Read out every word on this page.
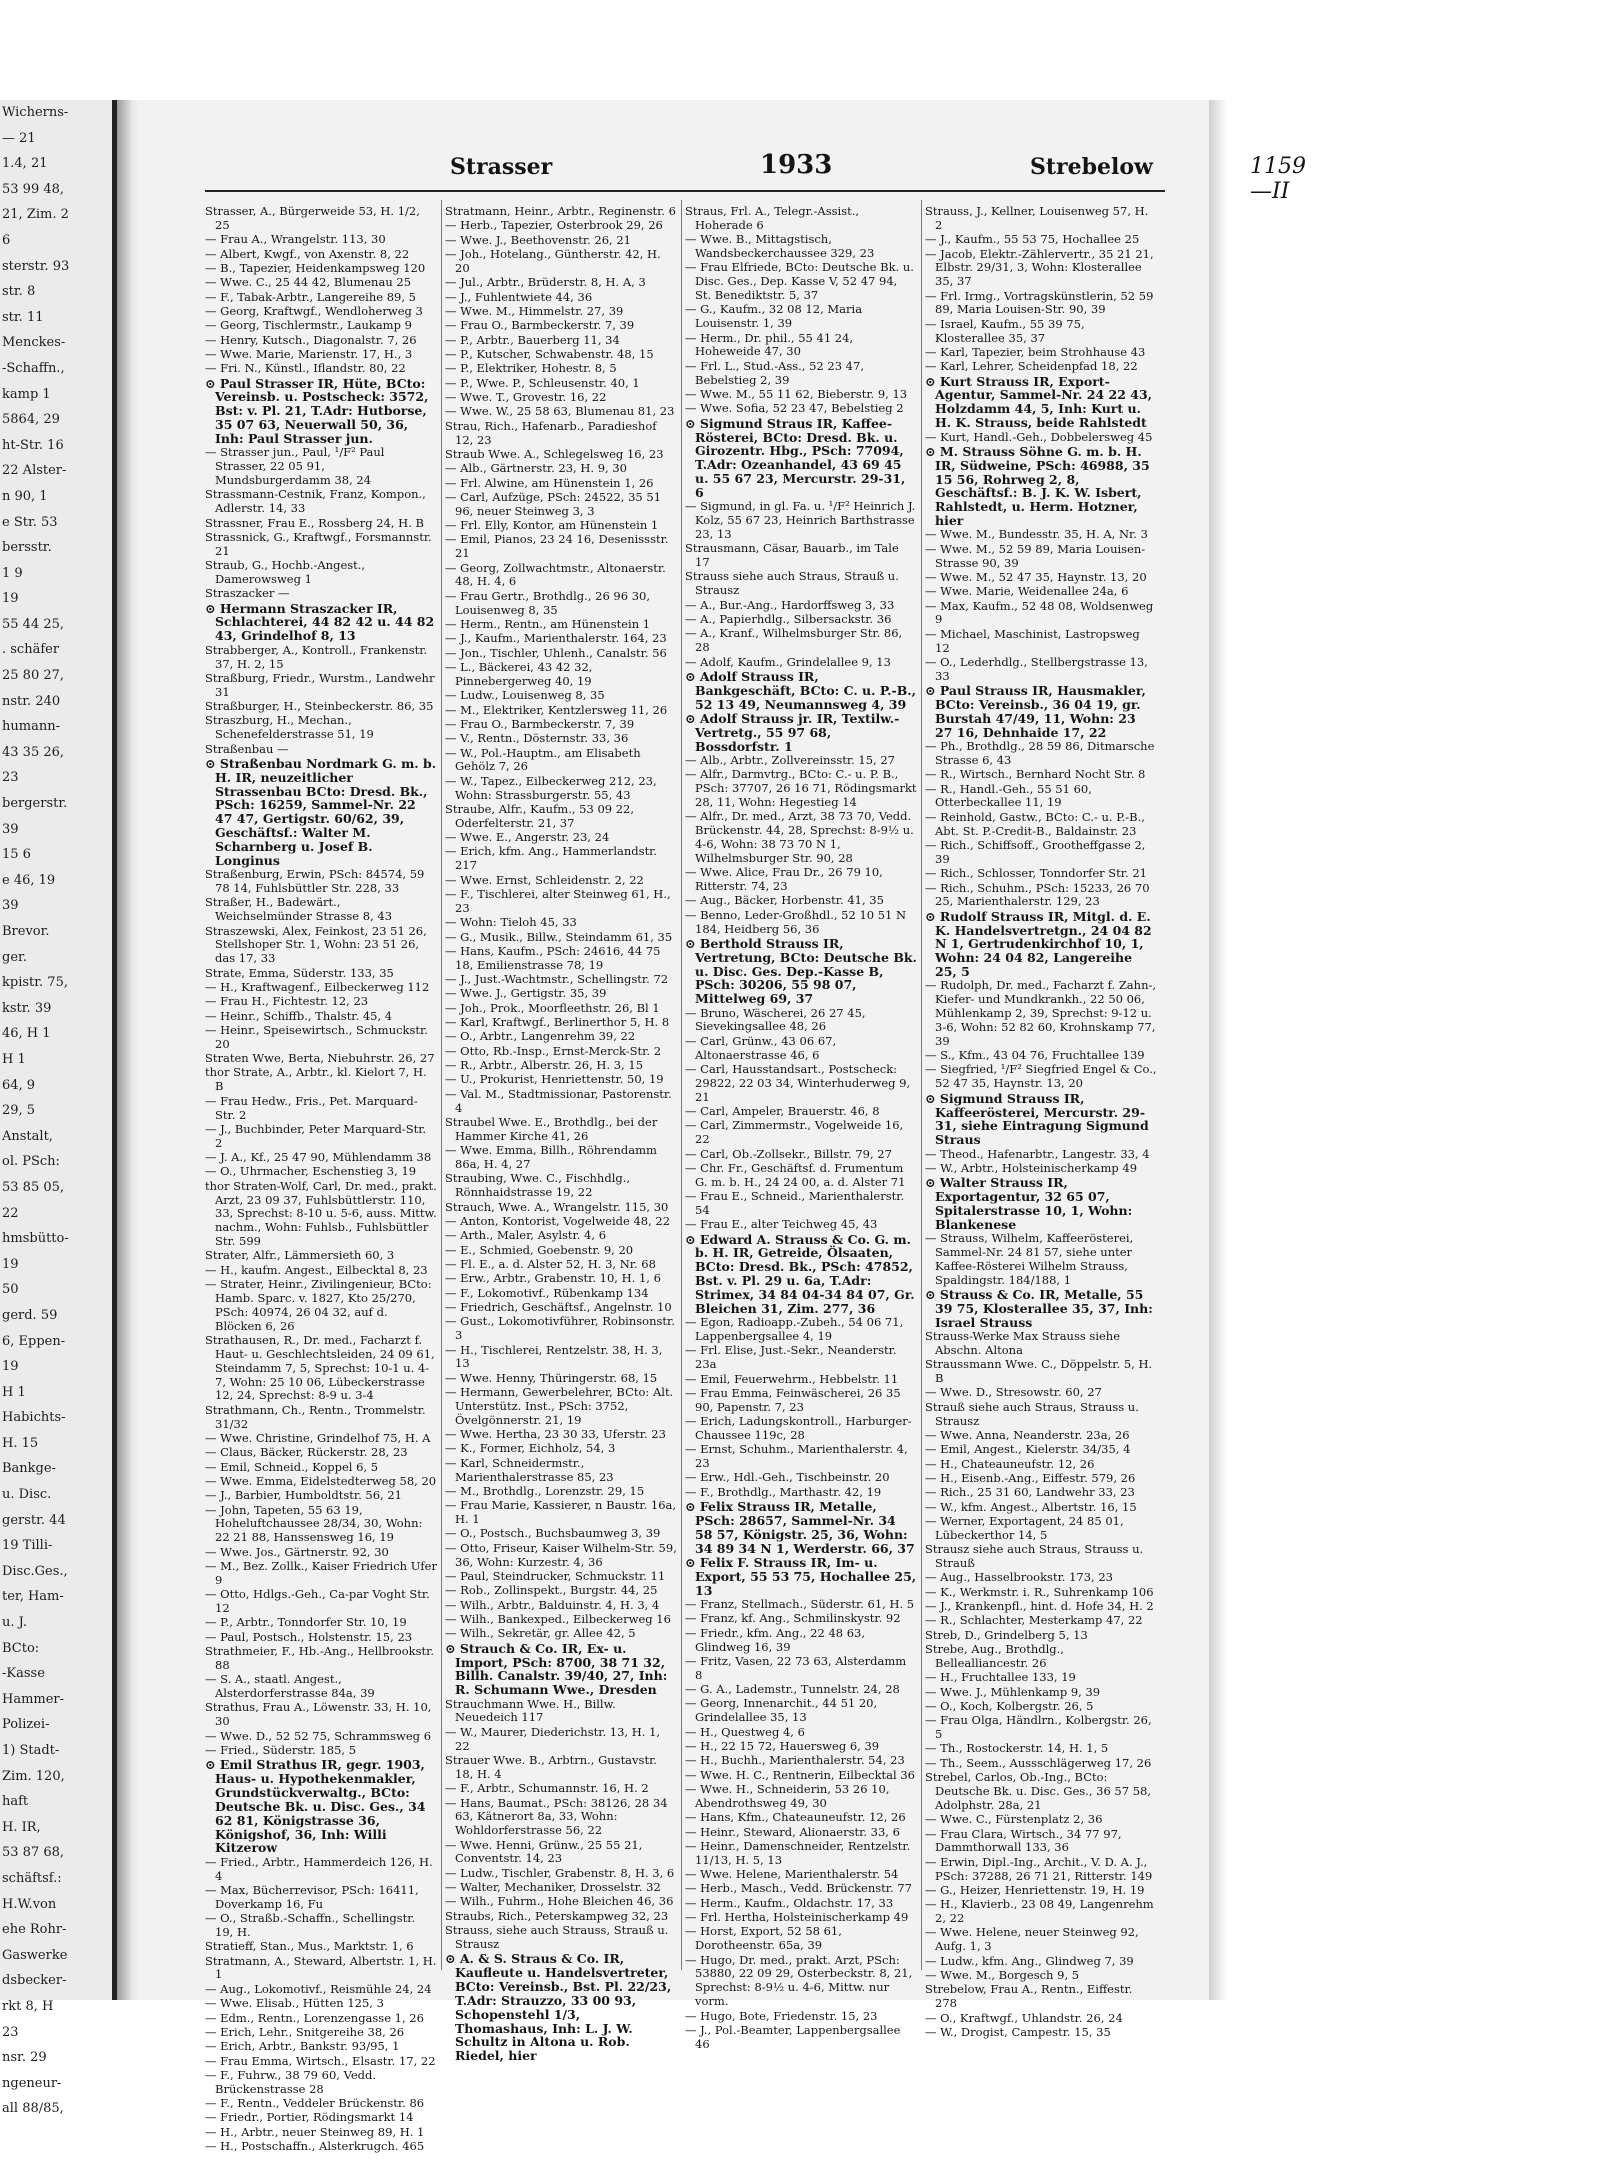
Wicherns-
— 21
1.4, 21
53 99 48,
21, Zim. 2
6
sterstr. 93
str. 8
str. 11
Menckes-
-Schaffn.,
kamp 1
5864, 29
ht-Str. 16
22 Alster-
n 90, 1
e Str. 53
bersstr.
1 9
19
55 44 25,
. schäfer
25 80 27,
nstr. 240
humann-
43 35 26,
23
bergerstr.
39
15 6
e 46, 19
39
Brevor.
ger.
kpistr. 75,
kstr. 39
46, H 1
H 1
64, 9
29, 5
Anstalt,
ol. PSch:
53 85 05,
22
hmsbütto-
19
50
gerd. 59
6, Eppen-
19
H 1
Habichts-
H. 15
Bankge-
u. Disc.
gerstr. 44
19 Tilli-
Disc.Ges.,
ter, Ham-
u. J.
BCto:
-Kasse
Hammer-
Polizei-
1) Stadt-
Zim. 120,
haft
H. IR,
53 87 68,
schäftsf.:
H.W.von
ehe Rohr-
Gaswerke
dsbecker-
rkt 8, H
23
nsr. 29
ngeneur-
all 88/85,
Strasser	1933	Strebelow	1159—II
Strasser, A., Bürgerweide 53, H. 1/2, 25
— Frau A., Wrangelstr. 113, 30
— Albert, Kwgf., von Axenstr. 8, 22
— B., Tapezier, Heidenkampsweg 120
— Wwe. C., 25 44 42, Blumenau 25
— F., Tabak-Arbtr., Langereihe 89, 5
— Georg, Kraftwgf., Wendloherweg 3
— Georg, Tischlermstr., Laukamp 9
— Henry, Kutsch., Diagonalstr. 7, 26
— Wwe. Marie, Marienstr. 17, H., 3
— Fri. N., Künstl., Iflandstr. 80, 22
⊙ Paul Strasser IR, Hüte, BCto: Vereinsb. u. Postscheck: 3572, Bst: v. Pl. 21, T.Adr: Hutborse, 35 07 63, Neuerwall 50, 36, Inh: Paul Strasser jun.
— Strasser jun., Paul, ¹/F² Paul Strasser, 22 05 91, Mundsburgerdamm 38, 24
Strassmann-Cestnik, Franz, Kompon., Adlerstr. 14, 33
Strassner, Frau E., Rossberg 24, H. B
Strassnick, G., Kraftwgf., Forsmannstr. 21
Straub, G., Hochb.-Angest., Damerowsweg 1
Straszacker —
⊙ Hermann Straszacker IR, Schlachterei, 44 82 42 u. 44 82 43, Grindelhof 8, 13
Strabberger, A., Kontroll., Frankenstr. 37, H. 2, 15
Straßburg, Friedr., Wurstm., Landwehr 31
Straßburger, H., Steinbeckerstr. 86, 35
Straszburg, H., Mechan., Schenefelderstrasse 51, 19
Straßenbau —
⊙ Straßenbau Nordmark G. m. b. H. IR, neuzeitlicher Strassenbau BCto: Dresd. Bk., PSch: 16259, Sammel-Nr. 22 47 47, Gertigstr. 60/62, 39, Geschäftsf.: Walter M. Scharnberg u. Josef B. Longinus
Straßenburg, Erwin, PSch: 84574, 59 78 14, Fuhlsbüttler Str. 228, 33
Straßer, H., Badewärt., Weichselmünder Strasse 8, 43
Straszewski, Alex, Feinkost, 23 51 26, Stellshoper Str. 1, Wohn: 23 51 26, das 17, 33
Strate, Emma, Süderstr. 133, 35
— H., Kraftwagenf., Eilbeckerweg 112
— Frau H., Fichtestr. 12, 23
— Heinr., Schiffb., Thalstr. 45, 4
— Heinr., Speisewirtsch., Schmuckstr. 20
Straten Wwe, Berta, Niebuhrstr. 26, 27
thor Strate, A., Arbtr., kl. Kielort 7, H. B
— Frau Hedw., Fris., Pet. Marquard-Str. 2
— J., Buchbinder, Peter Marquard-Str. 2
— J. A., Kf., 25 47 90, Mühlendamm 38
— O., Uhrmacher, Eschenstieg 3, 19
thor Straten-Wolf, Carl, Dr. med., prakt. Arzt, 23 09 37, Fuhlsbüttlerstr. 110, 33, Sprechst: 8-10 u. 5-6, auss. Mittw. nachm., Wohn: Fuhlsb., Fuhlsbüttler Str. 599
Strater, Alfr., Lämmersieth 60, 3
— H., kaufm. Angest., Eilbecktal 8, 23
— Strater, Heinr., Zivilingenieur, BCto: Hamb. Sparc. v. 1827, Kto 25/270, PSch: 40974, 26 04 32, auf d. Blöcken 6, 26
Strathausen, R., Dr. med., Facharzt f. Haut- u. Geschlechtsleiden, 24 09 61, Steindamm 7, 5, Sprechst: 10-1 u. 4-7, Wohn: 25 10 06, Lübeckerstrasse 12, 24, Sprechst: 8-9 u. 3-4
Strathmann, Ch., Rentn., Trommelstr. 31/32
— Wwe. Christine, Grindelhof 75, H. A
— Claus, Bäcker, Rückerstr. 28, 23
— Emil, Schneid., Koppel 6, 5
— Wwe. Emma, Eidelstedterweg 58, 20
— J., Barbier, Humboldtstr. 56, 21
— John, Tapeten, 55 63 19, Hoheluftchaussee 28/34, 30, Wohn: 22 21 88, Hanssensweg 16, 19
— Wwe. Jos., Gärtnerstr. 92, 30
— M., Bez. Zollk., Kaiser Friedrich Ufer 9
— Otto, Hdlgs.-Geh., Ca-par Voght Str. 12
— P., Arbtr., Tonndorfer Str. 10, 19
— Paul, Postsch., Holstenstr. 15, 23
Strathmeier, F., Hb.-Ang., Hellbrookstr. 88
— S. A., staatl. Angest., Alsterdorferstrasse 84a, 39
Strathus, Frau A., Löwenstr. 33, H. 10, 30
— Wwe. D., 52 52 75, Schrammsweg 6
— Fried., Süderstr. 185, 5
⊙ Emil Strathus IR, gegr. 1903, Haus- u. Hypothekenmakler, Grundstückverwaltg., BCto: Deutsche Bk. u. Disc. Ges., 34 62 81, Königstrasse 36, Königshof, 36, Inh: Willi Kitzerow
— Fried., Arbtr., Hammerdeich 126, H. 4
— Max, Bücherrevisor, PSch: 16411, Doverkamp 16, Fu
— O., Straßb.-Schaffn., Schellingstr. 19, H.
Stratieff, Stan., Mus., Marktstr. 1, 6
Stratmann, A., Steward, Albertstr. 1, H. 1
— Aug., Lokomotivf., Reismühle 24, 24
— Wwe. Elisab., Hütten 125, 3
— Edm., Rentn., Lorenzengasse 1, 26
— Erich, Lehr., Snitgereihe 38, 26
— Erich, Arbtr., Bankstr. 93/95, 1
— Frau Emma, Wirtsch., Elsastr. 17, 22
— F., Fuhrw., 38 79 60, Vedd. Brückenstrasse 28
— F., Rentn., Veddeler Brückenstr. 86
— Friedr., Portier, Rödingsmarkt 14
— H., Arbtr., neuer Steinweg 89, H. 1
— H., Postschaffn., Alsterkrugch. 465
Stratmann, Heinr., Arbtr., Reginenstr. 6
— Herb., Tapezier, Osterbrook 29, 26
— Wwe. J., Beethovenstr. 26, 21
— Joh., Hotelang., Güntherstr. 42, H. 20
— Jul., Arbtr., Brüderstr. 8, H. A, 3
— J., Fuhlentwiete 44, 36
— Wwe. M., Himmelstr. 27, 39
— Frau O., Barmbeckerstr. 7, 39
— P., Arbtr., Bauerberg 11, 34
— P., Kutscher, Schwabenstr. 48, 15
— P., Elektriker, Hohestr. 8, 5
— P., Wwe. P., Schleusenstr. 40, 1
— Wwe. T., Grovestr. 16, 22
— Wwe. W., 25 58 63, Blumenau 81, 23
Strau, Rich., Hafenarb., Paradieshof 12, 23
Straub Wwe. A., Schlegelsweg 16, 23
— Alb., Gärtnerstr. 23, H. 9, 30
— Frl. Alwine, am Hünenstein 1, 26
— Carl, Aufzüge, PSch: 24522, 35 51 96, neuer Steinweg 3, 3
— Frl. Elly, Kontor, am Hünenstein 1
— Emil, Pianos, 23 24 16, Desenissstr. 21
— Georg, Zollwachtmstr., Altonaerstr. 48, H. 4, 6
— Frau Gertr., Brothdlg., 26 96 30, Louisenweg 8, 35
— Herm., Rentn., am Hünenstein 1
— J., Kaufm., Marienthalerstr. 164, 23
— Jon., Tischler, Uhlenh., Canalstr. 56
— L., Bäckerei, 43 42 32, Pinnebergerweg 40, 19
— Ludw., Louisenweg 8, 35
— M., Elektriker, Kentzlersweg 11, 26
— Frau O., Barmbeckerstr. 7, 39
— V., Rentn., Dösternstr. 33, 36
— W., Pol.-Hauptm., am Elisabeth Gehölz 7, 26
— W., Tapez., Eilbeckerweg 212, 23, Wohn: Strassburgerstr. 55, 43
Straube, Alfr., Kaufm., 53 09 22, Oderfelterstr. 21, 37
— Wwe. E., Angerstr. 23, 24
— Erich, kfm. Ang., Hammerlandstr. 217
— Wwe. Ernst, Schleidenstr. 2, 22
— F., Tischlerei, alter Steinweg 61, H., 23
— Wohn: Tieloh 45, 33
— G., Musik., Billw., Steindamm 61, 35
— Hans, Kaufm., PSch: 24616, 44 75 18, Emilienstrasse 78, 19
— J., Just.-Wachtmstr., Schellingstr. 72
— Wwe. J., Gertigstr. 35, 39
— Joh., Prok., Moorfleethstr. 26, Bl 1
— Karl, Kraftwgf., Berlinerthor 5, H. 8
— O., Arbtr., Langenrehm 39, 22
— Otto, Rb.-Insp., Ernst-Merck-Str. 2
— R., Arbtr., Alberstr. 26, H. 3, 15
— U., Prokurist, Henriettenstr. 50, 19
— Val. M., Stadtmissionar, Pastorenstr. 4
Straubel Wwe. E., Brothdlg., bei der Hammer Kirche 41, 26
— Wwe. Emma, Billh., Röhrendamm 86a, H. 4, 27
Straubing, Wwe. C., Fischhdlg., Rönnhaidstrasse 19, 22
Strauch, Wwe. A., Wrangelstr. 115, 30
— Anton, Kontorist, Vogelweide 48, 22
— Arth., Maler, Asylstr. 4, 6
— E., Schmied, Goebenstr. 9, 20
— Fl. E., a. d. Alster 52, H. 3, Nr. 68
— Erw., Arbtr., Grabenstr. 10, H. 1, 6
— F., Lokomotivf., Rübenkamp 134
— Friedrich, Geschäftsf., Angelnstr. 10
— Gust., Lokomotivführer, Robinsonstr. 3
— H., Tischlerei, Rentzelstr. 38, H. 3, 13
— Wwe. Henny, Thüringerstr. 68, 15
— Hermann, Gewerbelehrer, BCto: Alt. Unterstütz. Inst., PSch: 3752, Övelgönnerstr. 21, 19
— Wwe. Hertha, 23 30 33, Uferstr. 23
— K., Former, Eichholz, 54, 3
— Karl, Schneidermstr., Marienthalerstrasse 85, 23
— M., Brothdlg., Lorenzstr. 29, 15
— Frau Marie, Kassierer, n Baustr. 16a, H. 1
— O., Postsch., Buchsbaumweg 3, 39
— Otto, Friseur, Kaiser Wilhelm-Str. 59, 36, Wohn: Kurzestr. 4, 36
— Paul, Steindrucker, Schmuckstr. 11
— Rob., Zollinspekt., Burgstr. 44, 25
— Wilh., Arbtr., Balduinstr. 4, H. 3, 4
— Wilh., Bankexped., Eilbeckerweg 16
— Wilh., Sekretär, gr. Allee 42, 5
⊙ Strauch & Co. IR, Ex- u. Import, PSch: 8700, 38 71 32, Billh. Canalstr. 39/40, 27, Inh: R. Schumann Wwe., Dresden
Strauchmann Wwe. H., Billw. Neuedeich 117
— W., Maurer, Diederichstr. 13, H. 1, 22
Strauer Wwe. B., Arbtrn., Gustavstr. 18, H. 4
— F., Arbtr., Schumannstr. 16, H. 2
— Hans, Baumat., PSch: 38126, 28 34 63, Kätnerort 8a, 33, Wohn: Wohldorferstrasse 56, 22
— Wwe. Henni, Grünw., 25 55 21, Conventstr. 14, 23
— Ludw., Tischler, Grabenstr. 8, H. 3, 6
— Walter, Mechaniker, Drosselstr. 32
— Wilh., Fuhrm., Hohe Bleichen 46, 36
Straubs, Rich., Peterskampweg 32, 23
Strauss, siehe auch Strauss, Strauß u. Strausz
⊙ A. & S. Straus & Co. IR, Kaufleute u. Handelsvertreter, BCto: Vereinsb., Bst. Pl. 22/23, T.Adr: Strauzzo, 33 00 93, Schopenstehl 1/3, Thomashaus, Inh: L. J. W. Schultz in Altona u. Rob. Riedel, hier
Straus, Frl. A., Telegr.-Assist., Hoherade 6
— Wwe. B., Mittagstisch, Wandsbeckerchaussee 329, 23
— Frau Elfriede, BCto: Deutsche Bk. u. Disc. Ges., Dep. Kasse V, 52 47 94, St. Benediktstr. 5, 37
— G., Kaufm., 32 08 12, Maria Louisenstr. 1, 39
— Herm., Dr. phil., 55 41 24, Hoheweide 47, 30
— Frl. L., Stud.-Ass., 52 23 47, Bebelstieg 2, 39
— Wwe. M., 55 11 62, Bieberstr. 9, 13
— Wwe. Sofia, 52 23 47, Bebelstieg 2
⊙ Sigmund Straus IR, Kaffee-Rösterei, BCto: Dresd. Bk. u. Girozentr. Hbg., PSch: 77094, T.Adr: Ozeanhandel, 43 69 45 u. 55 67 23, Mercurstr. 29-31, 6
— Sigmund, in gl. Fa. u. ¹/F² Heinrich J. Kolz, 55 67 23, Heinrich Barthstrasse 23, 13
Strausmann, Cäsar, Bauarb., im Tale 17
Strauss siehe auch Straus, Strauß u. Strausz
— A., Bur.-Ang., Hardorffsweg 3, 33
— A., Papierhdlg., Silbersackstr. 36
— A., Kranf., Wilhelmsburger Str. 86, 28
— Adolf, Kaufm., Grindelallee 9, 13
⊙ Adolf Strauss IR, Bankgeschäft, BCto: C. u. P.-B., 52 13 49, Neumannsweg 4, 39
⊙ Adolf Strauss jr. IR, Textilw.-Vertretg., 55 97 68, Bossdorfstr. 1
— Alb., Arbtr., Zollvereinsstr. 15, 27
— Alfr., Darmvtrg., BCto: C.- u. P. B., PSch: 37707, 26 16 71, Rödingsmarkt 28, 11, Wohn: Hegestieg 14
— Alfr., Dr. med., Arzt, 38 73 70, Vedd. Brückenstr. 44, 28, Sprechst: 8-9½ u. 4-6, Wohn: 38 73 70 N 1, Wilhelmsburger Str. 90, 28
— Wwe. Alice, Frau Dr., 26 79 10, Ritterstr. 74, 23
— Aug., Bäcker, Horbenstr. 41, 35
— Benno, Leder-Großhdl., 52 10 51 N 184, Heidberg 56, 36
⊙ Berthold Strauss IR, Vertretung, BCto: Deutsche Bk. u. Disc. Ges. Dep.-Kasse B, PSch: 30206, 55 98 07, Mittelweg 69, 37
— Bruno, Wäscherei, 26 27 45, Sievekingsallee 48, 26
— Carl, Grünw., 43 06 67, Altonaerstrasse 46, 6
— Carl, Hausstandsart., Postscheck: 29822, 22 03 34, Winterhuderweg 9, 21
— Carl, Ampeler, Brauerstr. 46, 8
— Carl, Zimmermstr., Vogelweide 16, 22
— Carl, Ob.-Zollsekr., Billstr. 79, 27
— Chr. Fr., Geschäftsf. d. Frumentum G. m. b. H., 24 24 00, a. d. Alster 71
— Frau E., Schneid., Marienthalerstr. 54
— Frau E., alter Teichweg 45, 43
⊙ Edward A. Strauss & Co. G. m. b. H. IR, Getreide, Ölsaaten, BCto: Dresd. Bk., PSch: 47852, Bst. v. Pl. 29 u. 6a, T.Adr: Strimex, 34 84 04-34 84 07, Gr. Bleichen 31, Zim. 277, 36
— Egon, Radioapp.-Zubeh., 54 06 71, Lappenbergsallee 4, 19
— Frl. Elise, Just.-Sekr., Neanderstr. 23a
— Emil, Feuerwehrm., Hebbelstr. 11
— Frau Emma, Feinwäscherei, 26 35 90, Papenstr. 7, 23
— Erich, Ladungskontroll., Harburger-Chaussee 119c, 28
— Ernst, Schuhm., Marienthalerstr. 4, 23
— Erw., Hdl.-Geh., Tischbeinstr. 20
— F., Brothdlg., Marthastr. 42, 19
⊙ Felix Strauss IR, Metalle, PSch: 28657, Sammel-Nr. 34 58 57, Königstr. 25, 36, Wohn: 34 89 34 N 1, Werderstr. 66, 37
⊙ Felix F. Strauss IR, Im- u. Export, 55 53 75, Hochallee 25, 13
— Franz, Stellmach., Süderstr. 61, H. 5
— Franz, kf. Ang., Schmilinskystr. 92
— Friedr., kfm. Ang., 22 48 63, Glindweg 16, 39
— Fritz, Vasen, 22 73 63, Alsterdamm 8
— G. A., Lademstr., Tunnelstr. 24, 28
— Georg, Innenarchit., 44 51 20, Grindelallee 35, 13
— H., Questweg 4, 6
— H., 22 15 72, Hauersweg 6, 39
— H., Buchh., Marienthalerstr. 54, 23
— Wwe. H. C., Rentnerin, Eilbecktal 36
— Wwe. H., Schneiderin, 53 26 10, Abendrothsweg 49, 30
— Hans, Kfm., Chateauneufstr. 12, 26
— Heinr., Steward, Alionaerstr. 33, 6
— Heinr., Damenschneider, Rentzelstr. 11/13, H. 5, 13
— Wwe. Helene, Marienthalerstr. 54
— Herb., Masch., Vedd. Brückenstr. 77
— Herm., Kaufm., Oldachstr. 17, 33
— Frl. Hertha, Holsteinischerkamp 49
— Horst, Export, 52 58 61, Dorotheenstr. 65a, 39
— Hugo, Dr. med., prakt. Arzt, PSch: 53880, 22 09 29, Osterbeckstr. 8, 21, Sprechst: 8-9½ u. 4-6, Mittw. nur vorm.
— Hugo, Bote, Friedenstr. 15, 23
— J., Pol.-Beamter, Lappenbergsallee 46
Strauss, J., Kellner, Louisenweg 57, H. 2
— J., Kaufm., 55 53 75, Hochallee 25
— Jacob, Elektr.-Zählervertr., 35 21 21, Elbstr. 29/31, 3, Wohn: Klosterallee 35, 37
— Frl. Irmg., Vortragskünstlerin, 52 59 89, Maria Louisen-Str. 90, 39
— Israel, Kaufm., 55 39 75, Klosterallee 35, 37
— Karl, Tapezier, beim Strohhause 43
— Karl, Lehrer, Scheidenpfad 18, 22
⊙ Kurt Strauss IR, Export-Agentur, Sammel-Nr. 24 22 43, Holzdamm 44, 5, Inh: Kurt u. H. K. Strauss, beide Rahlstedt
— Kurt, Handl.-Geh., Dobbelersweg 45
⊙ M. Strauss Söhne G. m. b. H. IR, Südweine, PSch: 46988, 35 15 56, Rohrweg 2, 8, Geschäftsf.: B. J. K. W. Isbert, Rahlstedt, u. Herm. Hotzner, hier
— Wwe. M., Bundesstr. 35, H. A, Nr. 3
— Wwe. M., 52 59 89, Maria Louisen-Strasse 90, 39
— Wwe. M., 52 47 35, Haynstr. 13, 20
— Wwe. Marie, Weidenallee 24a, 6
— Max, Kaufm., 52 48 08, Woldsenweg 9
— Michael, Maschinist, Lastropsweg 12
— O., Lederhdlg., Stellbergstrasse 13, 33
⊙ Paul Strauss IR, Hausmakler, BCto: Vereinsb., 36 04 19, gr. Burstah 47/49, 11, Wohn: 23 27 16, Dehnhaide 17, 22
— Ph., Brothdlg., 28 59 86, Ditmarsche Strasse 6, 43
— R., Wirtsch., Bernhard Nocht Str. 8
— R., Handl.-Geh., 55 51 60, Otterbeckallee 11, 19
— Reinhold, Gastw., BCto: C.- u. P.-B., Abt. St. P.-Credit-B., Baldainstr. 23
— Rich., Schiffsoff., Grootheffgasse 2, 39
— Rich., Schlosser, Tonndorfer Str. 21
— Rich., Schuhm., PSch: 15233, 26 70 25, Marienthalerstr. 129, 23
⊙ Rudolf Strauss IR, Mitgl. d. E. K. Handelsvertretgn., 24 04 82 N 1, Gertrudenkirchhof 10, 1, Wohn: 24 04 82, Langereihe 25, 5
— Rudolph, Dr. med., Facharzt f. Zahn-, Kiefer- und Mundkrankh., 22 50 06, Mühlenkamp 2, 39, Sprechst: 9-12 u. 3-6, Wohn: 52 82 60, Krohnskamp 77, 39
— S., Kfm., 43 04 76, Fruchtallee 139
— Siegfried, ¹/F² Siegfried Engel & Co., 52 47 35, Haynstr. 13, 20
⊙ Sigmund Strauss IR, Kaffeerösterei, Mercurstr. 29-31, siehe Eintragung Sigmund Straus
— Theod., Hafenarbtr., Langestr. 33, 4
— W., Arbtr., Holsteinischerkamp 49
⊙ Walter Strauss IR, Exportagentur, 32 65 07, Spitalerstrasse 10, 1, Wohn: Blankenese
— Strauss, Wilhelm, Kaffeerösterei, Sammel-Nr. 24 81 57, siehe unter Kaffee-Rösterei Wilhelm Strauss, Spaldingstr. 184/188, 1
⊙ Strauss & Co. IR, Metalle, 55 39 75, Klosterallee 35, 37, Inh: Israel Strauss
Strauss-Werke Max Strauss siehe Abschn. Altona
Straussmann Wwe. C., Döppelstr. 5, H. B
— Wwe. D., Stresowstr. 60, 27
Strauß siehe auch Straus, Strauss u. Strausz
— Wwe. Anna, Neanderstr. 23a, 26
— Emil, Angest., Kielerstr. 34/35, 4
— H., Chateauneufstr. 12, 26
— H., Eisenb.-Ang., Eiffestr. 579, 26
— Rich., 25 31 60, Landwehr 33, 23
— W., kfm. Angest., Albertstr. 16, 15
— Werner, Exportagent, 24 85 01, Lübeckerthor 14, 5
Strausz siehe auch Straus, Strauss u. Strauß
— Aug., Hasselbrookstr. 173, 23
— K., Werkmstr. i. R., Suhrenkamp 106
— J., Krankenpfl., hint. d. Hofe 34, H. 2
— R., Schlachter, Mesterkamp 47, 22
Streb, D., Grindelberg 5, 13
Strebe, Aug., Brothdlg., Bellealliancestr. 26
— H., Fruchtallee 133, 19
— Wwe. J., Mühlenkamp 9, 39
— O., Koch, Kolbergstr. 26, 5
— Frau Olga, Händlrn., Kolbergstr. 26, 5
— Th., Rostockerstr. 14, H. 1, 5
— Th., Seem., Aussschlägerweg 17, 26
Strebel, Carlos, Ob.-Ing., BCto: Deutsche Bk. u. Disc. Ges., 36 57 58, Adolphstr. 28a, 21
— Wwe. C., Fürstenplatz 2, 36
— Frau Clara, Wirtsch., 34 77 97, Dammthorwall 133, 36
— Erwin, Dipl.-Ing., Archit., V. D. A. J., PSch: 37288, 26 71 21, Ritterstr. 149
— G., Heizer, Henriettenstr. 19, H. 19
— H., Klavierb., 23 08 49, Langenrehm 2, 22
— Wwe. Helene, neuer Steinweg 92, Aufg. 1, 3
— Ludw., kfm. Ang., Glindweg 7, 39
— Wwe. M., Borgesch 9, 5
Strebelow, Frau A., Rentn., Eiffestr. 278
— O., Kraftwgf., Uhlandstr. 26, 24
— W., Drogist, Campestr. 15, 35
